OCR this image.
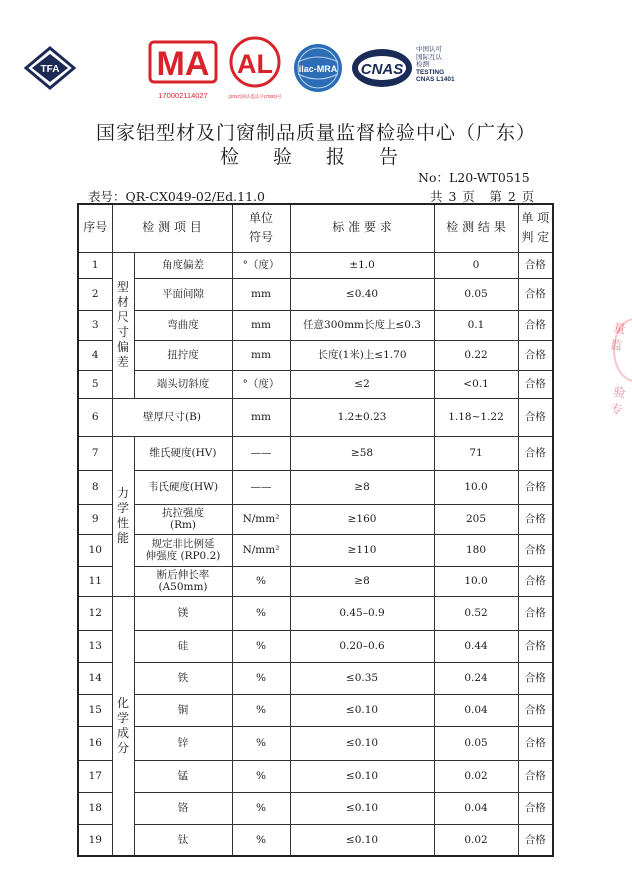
TFA	MA
170002114027
AL
(2017)国认监认字(7000)号
ilac-MRA CNAS
中国认可
国际互认
检测
TESTING
CNAS L1401
国家铝型材及门窗制品质量监督检验中心（广东）
检 验 报 告
No：L20-WT0515
表号：QR-CX049-02/Ed.11.0	共 3 页　第 2 页
序号	检 测 项 目		单位
符号	标 准 要 求	检 测 结 果	单 项
判 定
1	型材尺寸偏差	角度偏差	°（度）	±1.0	0	合格
2		平面间隙	mm	≤0.40	0.05	合格
3		弯曲度	mm	任意300mm长度上≤0.3	0.1	合格
4		扭拧度	mm	长度(1米)上≤1.70	0.22	合格
5		端头切斜度	°（度）	≤2	<0.1	合格
6	壁厚尺寸(B)		mm	1.2±0.23	1.18~1.22	合格
7	力学性能	维氏硬度(HV)	——	≥58	71	合格
8		韦氏硬度(HW)	——	≥8	10.0	合格
9		抗拉强度
(Rm)	N/mm²	≥160	205	合格
10		规定非比例延
伸强度 (RP0.2)	N/mm²	≥110	180	合格
11		断后伸长率
(A50mm)	%	≥8	10.0	合格
12	化学成分	镁	%	0.45–0.9	0.52	合格
13		硅	%	0.20–0.6	0.44	合格
14		铁	%	≤0.35	0.24	合格
15		铜	%	≤0.10	0.04	合格
16		锌	%	≤0.10	0.05	合格
17		锰	%	≤0.10	0.02	合格
18		铬	%	≤0.10	0.04	合格
19		钛	%	≤0.10	0.02	合格
量监
验专
